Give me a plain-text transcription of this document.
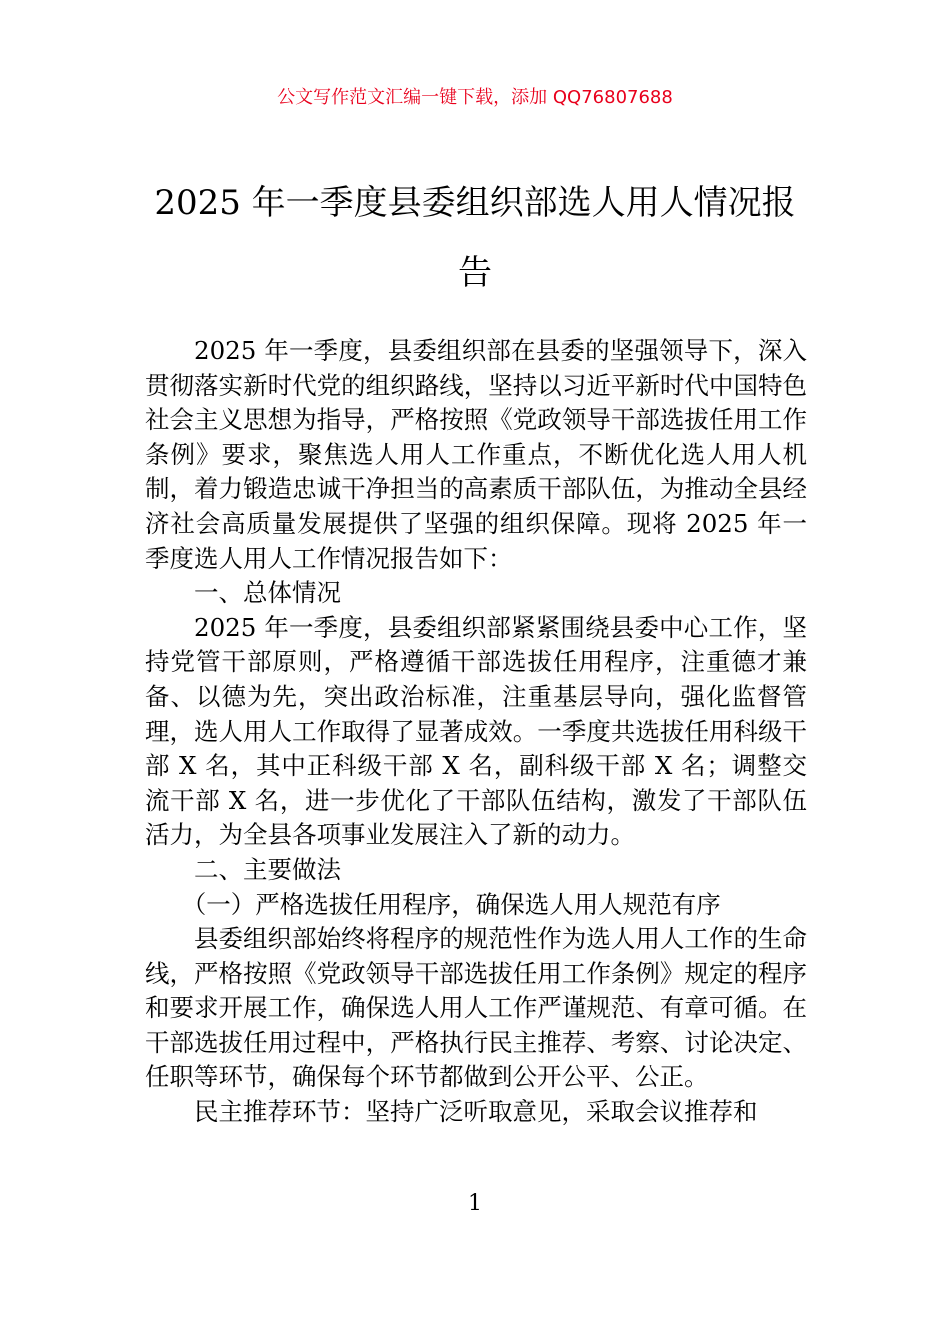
公文写作范文汇编一键下载，添加 QQ76807688
2025 年一季度县委组织部选人用人情况报告

2025 年一季度，县委组织部在县委的坚强领导下，深入贯彻落实新时代党的组织路线，坚持以习近平新时代中国特色社会主义思想为指导，严格按照《党政领导干部选拔任用工作条例》要求，聚焦选人用人工作重点，不断优化选人用人机制，着力锻造忠诚干净担当的高素质干部队伍，为推动全县经济社会高质量发展提供了坚强的组织保障。现将 2025 年一季度选人用人工作情况报告如下：

一、总体情况

2025 年一季度，县委组织部紧紧围绕县委中心工作，坚持党管干部原则，严格遵循干部选拔任用程序，注重德才兼备、以德为先，突出政治标准，注重基层导向，强化监督管理，选人用人工作取得了显著成效。一季度共选拔任用科级干部 X 名，其中正科级干部 X 名，副科级干部 X 名；调整交流干部 X 名，进一步优化了干部队伍结构，激发了干部队伍活力，为全县各项事业发展注入了新的动力。

二、主要做法

（一）严格选拔任用程序，确保选人用人规范有序

县委组织部始终将程序的规范性作为选人用人工作的生命线，严格按照《党政领导干部选拔任用工作条例》规定的程序和要求开展工作，确保选人用人工作严谨规范、有章可循。在干部选拔任用过程中，严格执行民主推荐、考察、讨论决定、任职等环节，确保每个环节都做到公开公平、公正。

民主推荐环节：坚持广泛听取意见，采取会议推荐和

1
